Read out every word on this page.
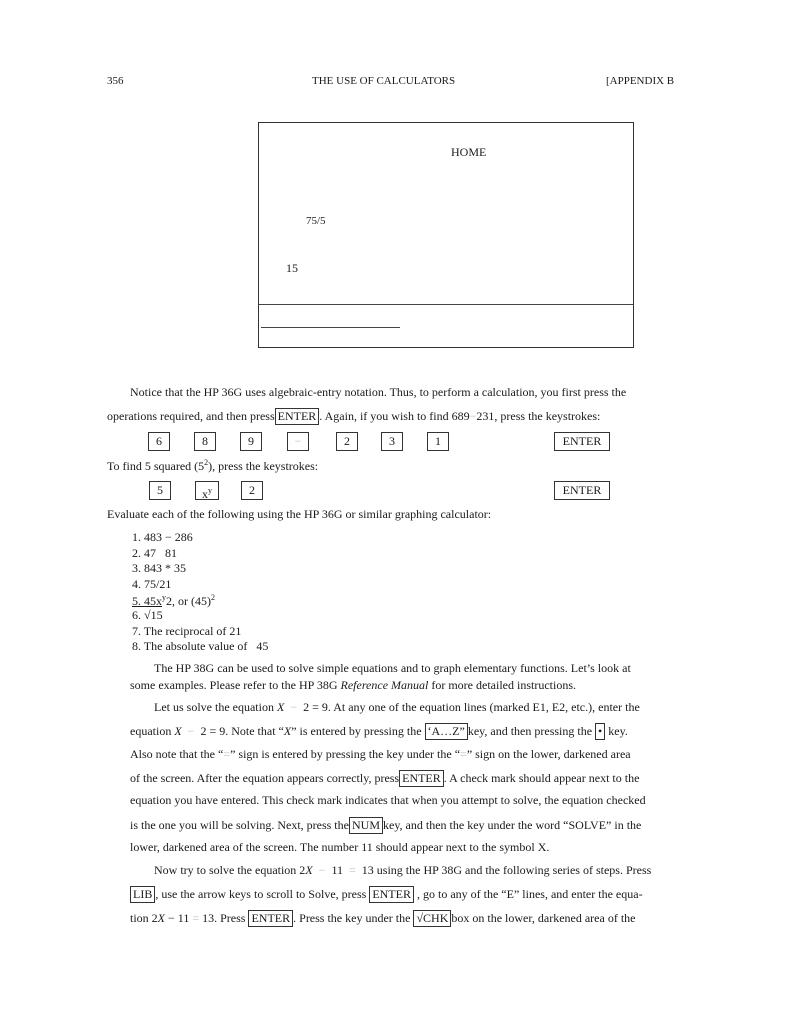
356	THE USE OF CALCULATORS	[APPENDIX B
HOME
75/5
15
Notice that the HP 36G uses algebraic-entry notation. Thus, to perform a calculation, you first press the
operations required, and then press ENTER . Again, if you wish to find 689−231, press the keystrokes:
6	8	9	−	2	3	1	ENTER
To find 5 squared $(5^2)$, press the keystrokes:
5	$x^y$	2	ENTER
Evaluate each of the following using the HP 36G or similar graphing calculator:
1. 483 − 286
2. 47  81
3. 843 * 35
4. 75/21
5. $45x^y2$, or $(45)^2$
6. √15
7. The reciprocal of 21
8. The absolute value of  45
The HP 38G can be used to solve simple equations and to graph elementary functions. Let’s look at
some examples. Please refer to the HP 38G Reference Manual for more detailed instructions.
Let us solve the equation X  −  2 = 9. At any one of the equation lines (marked E1, E2, etc.), enter the
equation X  −  2 = 9. Note that “X” is entered by pressing the ‘A…Z” key, and then pressing the • key.
Also note that the “=” sign is entered by pressing the key under the “=” sign on the lower, darkened area
of the screen. After the equation appears correctly, press ENTER . A check mark should appear next to the
equation you have entered. This check mark indicates that when you attempt to solve, the equation checked
is the one you will be solving. Next, press the NUM key, and then the key under the word “SOLVE” in the
lower, darkened area of the screen. The number 11 should appear next to the symbol X.
Now try to solve the equation 2X  −  11  =  13 using the HP 38G and the following series of steps. Press
LIB , use the arrow keys to scroll to Solve, press ENTER , go to any of the “E” lines, and enter the equa-
tion 2X − 11 = 13. Press ENTER . Press the key under the √CHK box on the lower, darkened area of the
